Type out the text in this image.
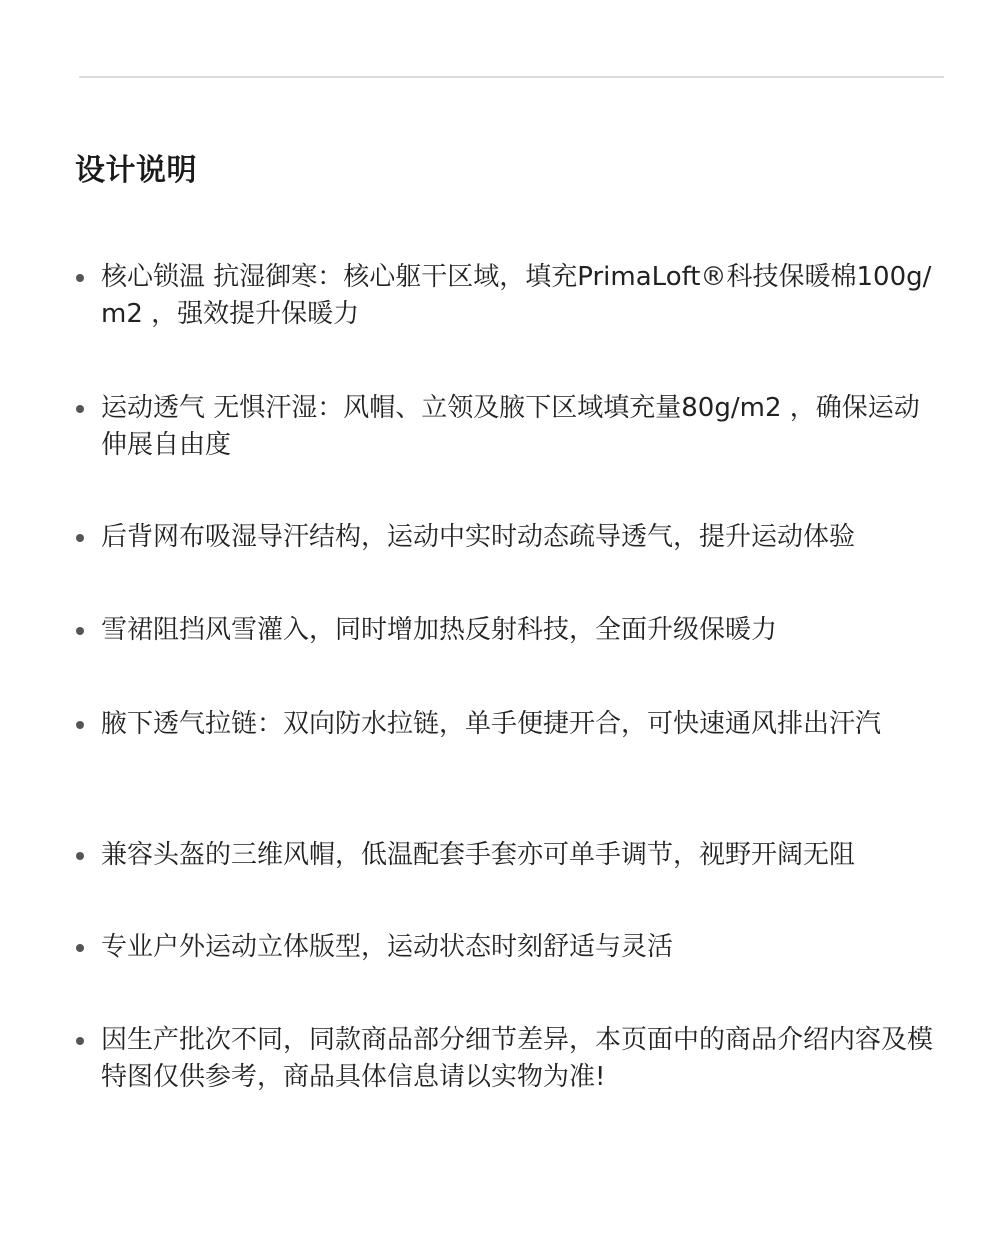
设计说明
核心锁温 抗湿御寒：核心躯干区域，填充PrimaLoft®科技保暖棉100g/m2 ，强效提升保暖力
运动透气 无惧汗湿：风帽、立领及腋下区域填充量80g/m2 ，确保运动伸展自由度
后背网布吸湿导汗结构，运动中实时动态疏导透气，提升运动体验
雪裙阻挡风雪灌入，同时增加热反射科技，全面升级保暖力
腋下透气拉链：双向防水拉链，单手便捷开合，可快速通风排出汗汽
兼容头盔的三维风帽，低温配套手套亦可单手调节，视野开阔无阻
专业户外运动立体版型，运动状态时刻舒适与灵活
因生产批次不同，同款商品部分细节差异，本页面中的商品介绍内容及模特图仅供参考，商品具体信息请以实物为准!
